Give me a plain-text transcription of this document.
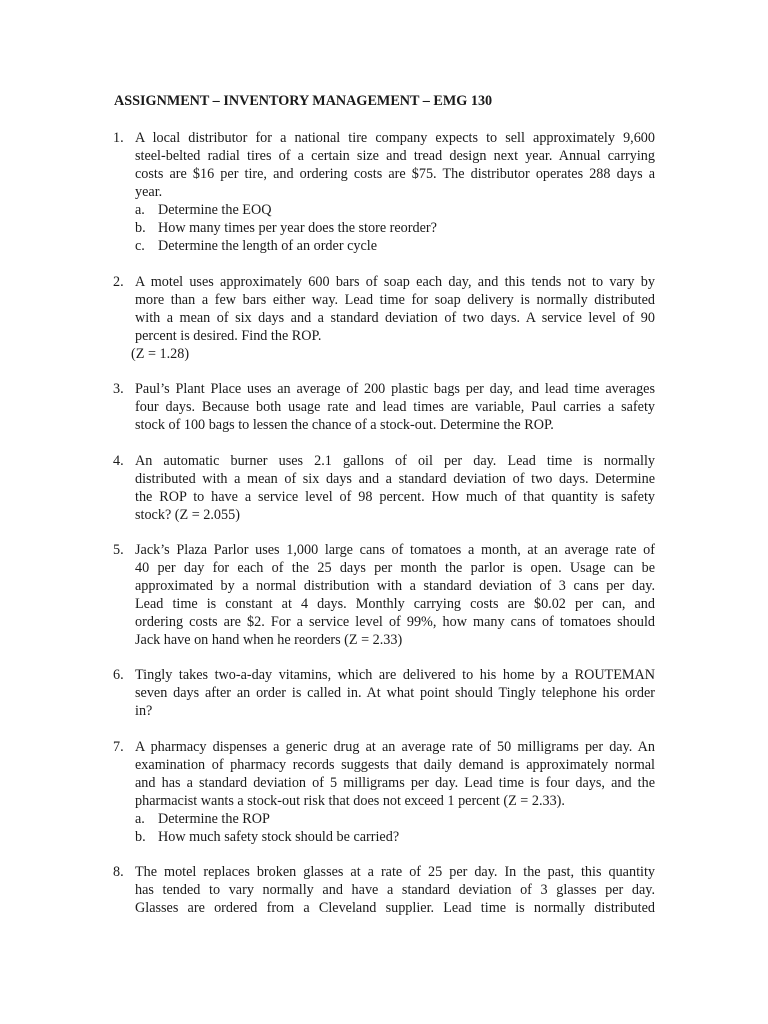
ASSIGNMENT – INVENTORY MANAGEMENT – EMG 130
1. A local distributor for a national tire company expects to sell approximately 9,600
steel-belted radial tires of a certain size and tread design next year. Annual carrying
costs are $16 per tire, and ordering costs are $75. The distributor operates 288 days a
year.
a. Determine the EOQ
b. How many times per year does the store reorder?
c. Determine the length of an order cycle
2. A motel uses approximately 600 bars of soap each day, and this tends not to vary by
more than a few bars either way. Lead time for soap delivery is normally distributed
with a mean of six days and a standard deviation of two days. A service level of 90
percent is desired. Find the ROP.
(Z = 1.28)
3. Paul’s Plant Place uses an average of 200 plastic bags per day, and lead time averages
four days. Because both usage rate and lead times are variable, Paul carries a safety
stock of 100 bags to lessen the chance of a stock-out. Determine the ROP.
4. An automatic burner uses 2.1 gallons of oil per day. Lead time is normally
distributed with a mean of six days and a standard deviation of two days. Determine
the ROP to have a service level of 98 percent. How much of that quantity is safety
stock? (Z = 2.055)
5. Jack’s Plaza Parlor uses 1,000 large cans of tomatoes a month, at an average rate of
40 per day for each of the 25 days per month the parlor is open. Usage can be
approximated by a normal distribution with a standard deviation of 3 cans per day.
Lead time is constant at 4 days. Monthly carrying costs are $0.02 per can, and
ordering costs are $2. For a service level of 99%, how many cans of tomatoes should
Jack have on hand when he reorders (Z = 2.33)
6. Tingly takes two-a-day vitamins, which are delivered to his home by a ROUTEMAN
seven days after an order is called in. At what point should Tingly telephone his order
in?
7. A pharmacy dispenses a generic drug at an average rate of 50 milligrams per day. An
examination of pharmacy records suggests that daily demand is approximately normal
and has a standard deviation of 5 milligrams per day. Lead time is four days, and the
pharmacist wants a stock-out risk that does not exceed 1 percent (Z = 2.33).
a. Determine the ROP
b. How much safety stock should be carried?
8. The motel replaces broken glasses at a rate of 25 per day. In the past, this quantity
has tended to vary normally and have a standard deviation of 3 glasses per day.
Glasses are ordered from a Cleveland supplier. Lead time is normally distributed
